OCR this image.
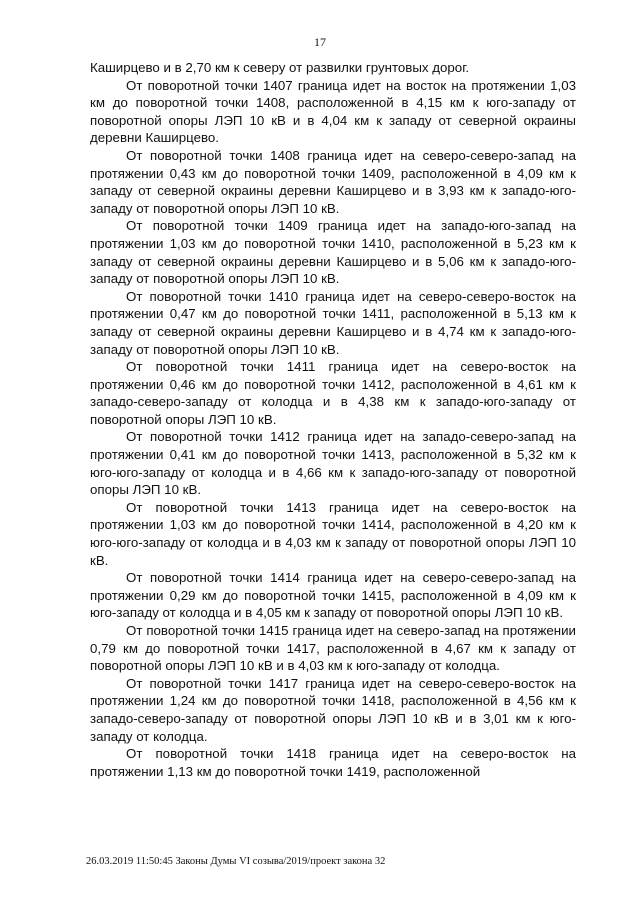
17

Каширцево и в 2,70 км к северу от развилки грунтовых дорог.

От поворотной точки 1407 граница идет на восток на протяжении 1,03 км до поворотной точки 1408, расположенной в 4,15 км к юго-западу от поворотной опоры ЛЭП 10 кВ и в 4,04 км к западу от северной окраины деревни Каширцево.

От поворотной точки 1408 граница идет на северо-северо-запад на протяжении 0,43 км до поворотной точки 1409, расположенной в 4,09 км к западу от северной окраины деревни Каширцево и в 3,93 км к западо-юго-западу от поворотной опоры ЛЭП 10 кВ.

От поворотной точки 1409 граница идет на западо-юго-запад на протяжении 1,03 км до поворотной точки 1410, расположенной в 5,23 км к западу от северной окраины деревни Каширцево и в 5,06 км к западо-юго-западу от поворотной опоры ЛЭП 10 кВ.

От поворотной точки 1410 граница идет на северо-северо-восток на протяжении 0,47 км до поворотной точки 1411, расположенной в 5,13 км к западу от северной окраины деревни Каширцево и в 4,74 км к западо-юго-западу от поворотной опоры ЛЭП 10 кВ.

От поворотной точки 1411 граница идет на северо-восток на протяжении 0,46 км до поворотной точки 1412, расположенной в 4,61 км к западо-северо-западу от колодца и в 4,38 км к западо-юго-западу от поворотной опоры ЛЭП 10 кВ.

От поворотной точки 1412 граница идет на западо-северо-запад на протяжении 0,41 км до поворотной точки 1413, расположенной в 5,32 км к юго-юго-западу от колодца и в 4,66 км к западо-юго-западу от поворотной опоры ЛЭП 10 кВ.

От поворотной точки 1413 граница идет на северо-восток на протяжении 1,03 км до поворотной точки 1414, расположенной в 4,20 км к юго-юго-западу от колодца и в 4,03 км к западу от поворотной опоры ЛЭП 10 кВ.

От поворотной точки 1414 граница идет на северо-северо-запад на протяжении 0,29 км до поворотной точки 1415, расположенной в 4,09 км к юго-западу от колодца и в 4,05 км к западу от поворотной опоры ЛЭП 10 кВ.

От поворотной точки 1415 граница идет на северо-запад на протяжении 0,79 км до поворотной точки 1417, расположенной в 4,67 км к западу от поворотной опоры ЛЭП 10 кВ и в 4,03 км к юго-западу от колодца.

От поворотной точки 1417 граница идет на северо-северо-восток на протяжении 1,24 км до поворотной точки 1418, расположенной в 4,56 км к западо-северо-западу от поворотной опоры ЛЭП 10 кВ и в 3,01 км к юго-западу от колодца.

От поворотной точки 1418 граница идет на северо-восток на протяжении 1,13 км до поворотной точки 1419, расположенной

26.03.2019 11:50:45 Законы Думы VI созыва/2019/проект закона 32
